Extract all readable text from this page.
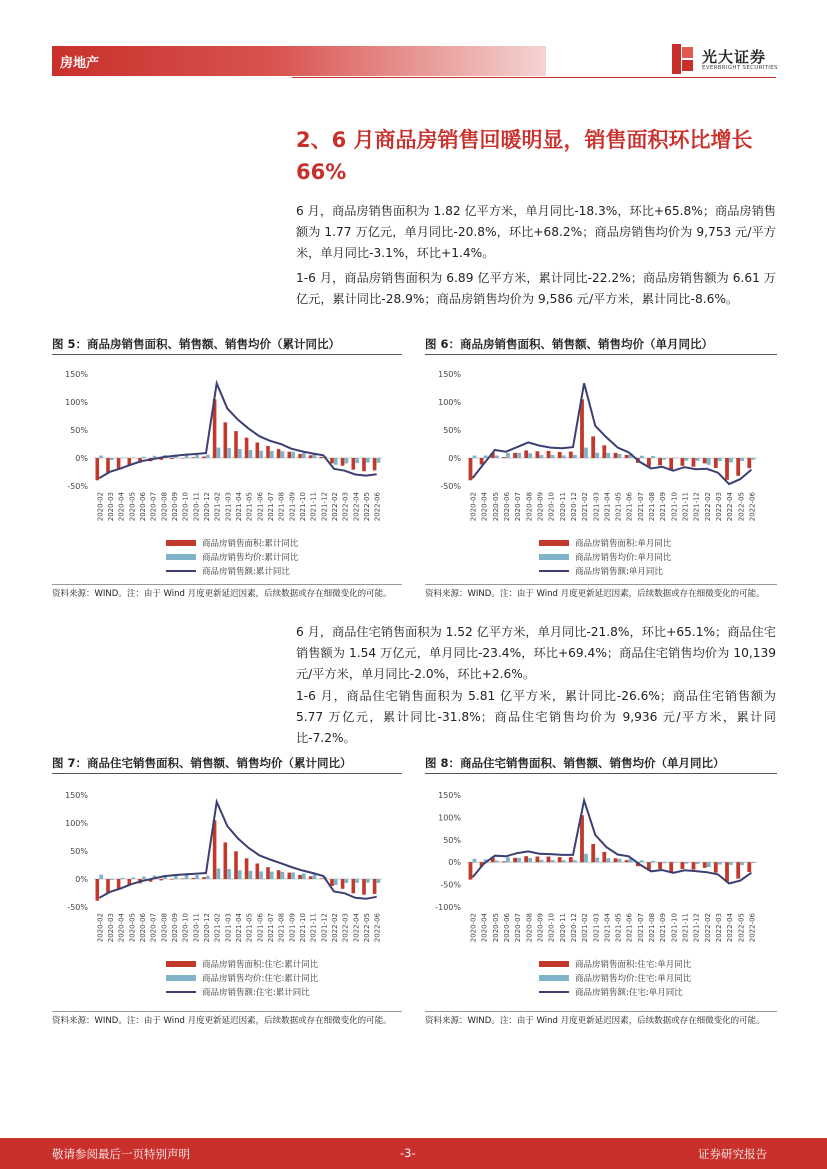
房地产	光大证券
EVERBRIGHT SECURITIES
2、6 月商品房销售回暖明显，销售面积环比增长 66%
6 月，商品房销售面积为 1.82 亿平方米，单月同比-18.3%，环比+65.8%；商品房销售额为 1.77 万亿元，单月同比-20.8%，环比+68.2%；商品房销售均价为 9,753 元/平方米，单月同比-3.1%，环比+1.4%。
1-6 月，商品房销售面积为 6.89 亿平方米，累计同比-22.2%；商品房销售额为 6.61 万亿元，累计同比-28.9%；商品房销售均价为 9,586 元/平方米，累计同比-8.6%。
图 5：商品房销售面积、销售额、销售均价（累计同比）
150%
100%
50%
0%
-50%
2020-02 2020-03 2020-04 2020-05 2020-06 2020-07 2020-08 2020-09 2020-10 2020-11 2020-12 2021-02 2021-03 2021-04 2021-05 2021-06 2021-07 2021-08 2021-09 2021-10 2021-11 2021-12 2022-02 2022-03 2022-04 2022-05 2022-06
商品房销售面积:累计同比
商品房销售均价:累计同比
商品房销售额:累计同比
资料来源：WIND。注：由于 Wind 月度更新延迟因素，后续数据或存在细微变化的可能。
图 6：商品房销售面积、销售额、销售均价（单月同比）
150%
100%
50%
0%
-50%
2020-02 2020-04 2020-05 2020-06 2020-07 2020-08 2020-09 2020-10 2020-11 2020-12 2021-02 2021-03 2021-04 2021-05 2021-06 2021-07 2021-08 2021-09 2021-10 2021-11 2021-12 2022-02 2022-03 2022-04 2022-05 2022-06
商品房销售面积:单月同比
商品房销售均价:单月同比
商品房销售额:单月同比
资料来源：WIND。注：由于 Wind 月度更新延迟因素，后续数据或存在细微变化的可能。
6 月，商品住宅销售面积为 1.52 亿平方米，单月同比-21.8%，环比+65.1%；商品住宅销售额为 1.54 万亿元，单月同比-23.4%，环比+69.4%；商品住宅销售均价为 10,139 元/平方米，单月同比-2.0%，环比+2.6%。
1-6 月，商品住宅销售面积为 5.81 亿平方米，累计同比-26.6%；商品住宅销售额为 5.77 万亿元，累计同比-31.8%；商品住宅销售均价为 9,936 元/平方米，累计同比-7.2%。
图 7：商品住宅销售面积、销售额、销售均价（累计同比）
150%
100%
50%
0%
-50%
2020-02 2020-03 2020-04 2020-05 2020-06 2020-07 2020-08 2020-09 2020-10 2020-11 2020-12 2021-02 2021-03 2021-04 2021-05 2021-06 2021-07 2021-08 2021-09 2021-10 2021-11 2021-12 2022-02 2022-03 2022-04 2022-05 2022-06
商品房销售面积:住宅:累计同比
商品房销售均价:住宅:累计同比
商品房销售额:住宅:累计同比
资料来源：WIND。注：由于 Wind 月度更新延迟因素，后续数据或存在细微变化的可能。
图 8：商品住宅销售面积、销售额、销售均价（单月同比）
150%
100%
50%
0%
-50%
-100%
2020-02 2020-04 2020-05 2020-06 2020-07 2020-08 2020-09 2020-10 2020-11 2020-12 2021-02 2021-03 2021-04 2021-05 2021-06 2021-07 2021-08 2021-09 2021-10 2021-11 2021-12 2022-02 2022-03 2022-04 2022-05 2022-06
商品房销售面积:住宅:单月同比
商品房销售均价:住宅:单月同比
商品房销售额:住宅:单月同比
资料来源：WIND。注：由于 Wind 月度更新延迟因素，后续数据或存在细微变化的可能。
敬请参阅最后一页特别声明	-3-	证券研究报告
